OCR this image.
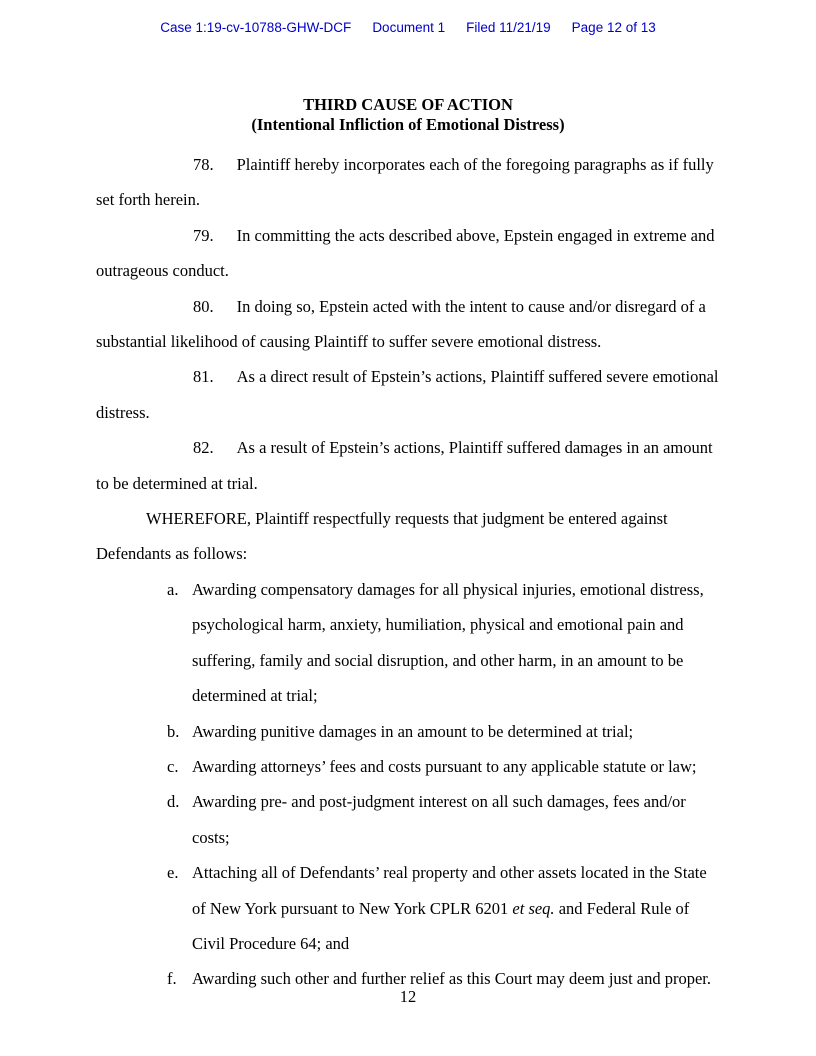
Case 1:19-cv-10788-GHW-DCF Document 1 Filed 11/21/19 Page 12 of 13
THIRD CAUSE OF ACTION
(Intentional Infliction of Emotional Distress)

78. Plaintiff hereby incorporates each of the foregoing paragraphs as if fully set forth herein.

79. In committing the acts described above, Epstein engaged in extreme and outrageous conduct.

80. In doing so, Epstein acted with the intent to cause and/or disregard of a substantial likelihood of causing Plaintiff to suffer severe emotional distress.

81. As a direct result of Epstein’s actions, Plaintiff suffered severe emotional distress.

82. As a result of Epstein’s actions, Plaintiff suffered damages in an amount to be determined at trial.

WHEREFORE, Plaintiff respectfully requests that judgment be entered against Defendants as follows:

a. Awarding compensatory damages for all physical injuries, emotional distress, psychological harm, anxiety, humiliation, physical and emotional pain and suffering, family and social disruption, and other harm, in an amount to be determined at trial;
b. Awarding punitive damages in an amount to be determined at trial;
c. Awarding attorneys’ fees and costs pursuant to any applicable statute or law;
d. Awarding pre- and post-judgment interest on all such damages, fees and/or costs;
e. Attaching all of Defendants’ real property and other assets located in the State of New York pursuant to New York CPLR 6201 et seq. and Federal Rule of Civil Procedure 64; and
f. Awarding such other and further relief as this Court may deem just and proper.
12
